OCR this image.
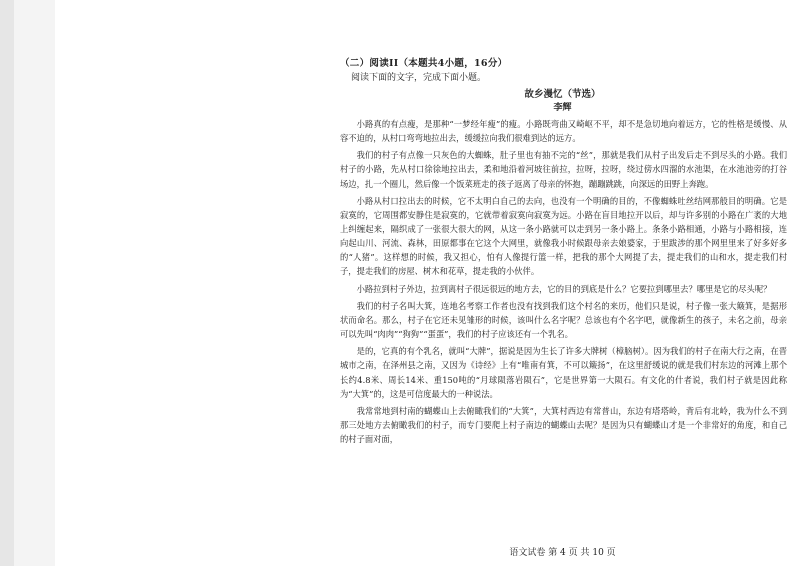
（二）阅读II（本题共4小题，16分）
阅读下面的文字，完成下面小题。
故乡漫忆（节选）
李辉

小路真的有点瘦，是那种“一梦经年瘦”的瘦。小路既弯曲又崎岖不平，却不是急切地向着远方，它的性格是缓慢、从容不迫的，从村口弯弯地拉出去，缓缓拉向我们很难到达的远方。

我们的村子有点像一只灰色的大蜘蛛，肚子里也有抽不完的“丝”，那就是我们从村子出发后走不到尽头的小路。我们村子的小路，先从村口徐徐地拉出去，柔和地沿着河坡往前拉，拉呀，拉呀，绕过傍水四溜的水池渠，在水池池旁的打谷场边，扎一个圈儿，然后像一个饭菜班走的孩子返离了母亲的怀抱，蹦蹦跳跳，向深远的田野上奔跑。

小路从村口拉出去的时候，它不太明白自己的去向，也没有一个明确的目的，不像蜘蛛吐丝结网那般目的明确。它是寂寞的，它周围都安静住是寂寞的，它就带着寂寞向寂寞为远。小路在盲目地拉开以后，却与许多别的小路在广袤的大地上纠缠起来，隔织成了一张很大很大的网，从这一条小路就可以走到另一条小路上。条条小路相通，小路与小路相接，连向起山川、河流、森林，田原都事在它这个大网里，就像我小时候跟母亲去娘婆家，于里跋涉的那个网里里来了好多好多的“人猪”。这样想的时候，我又担心，怕有人像提行篮一样，把我的那个大网提了去，提走我们的山和水，提走我们村子，提走我们的房屋、树木和花草，提走我的小伙伴。

小路拉到村子外边，拉到离村子很远很远的地方去，它的目的到底是什么？它要拉到哪里去？哪里是它的尽头呢？

我们的村子名叫大箕，连地名考察工作者也没有找到我们这个村名的来历，他们只是说，村子像一张大簸箕，是据形状而命名。那么，村子在它还未见雏形的时候，该叫什么名字呢？总该也有个名字吧，就像新生的孩子，未名之前，母亲可以先叫“肉肉”“狗狗”“蛋蛋”，我们的村子应该还有一个乳名。

是的，它真的有个乳名，就叫“大牌”，据说是因为生长了许多大牌树（樟脑树）。因为我们的村子在南大行之南，在晋城市之南，在泽州县之南，又因为《诗经》上有“唯南有箕，不可以簸扬”，在这里舒缓说的就是我们村东边的河滩上那个长约4.8米、周长14米、重150吨的“月球陨落岩陨石”，它是世界第一大陨石。有文化的什者说，我们村子就是因此称为“大箕”的，这是可信度最大的一种说法。

我常常地到村南的蝴蝶山上去俯瞰我们的“大箕”，大箕村西边有常普山，东边有塔塔岭，背后有北岭，我为什么不到那三处地方去俯瞰我们的村子，而专门要爬上村子南边的蝴蝶山去呢？是因为只有蝴蝶山才是一个非常好的角度，和自己的村子面对面，

语文试卷 第 4 页 共 10 页
